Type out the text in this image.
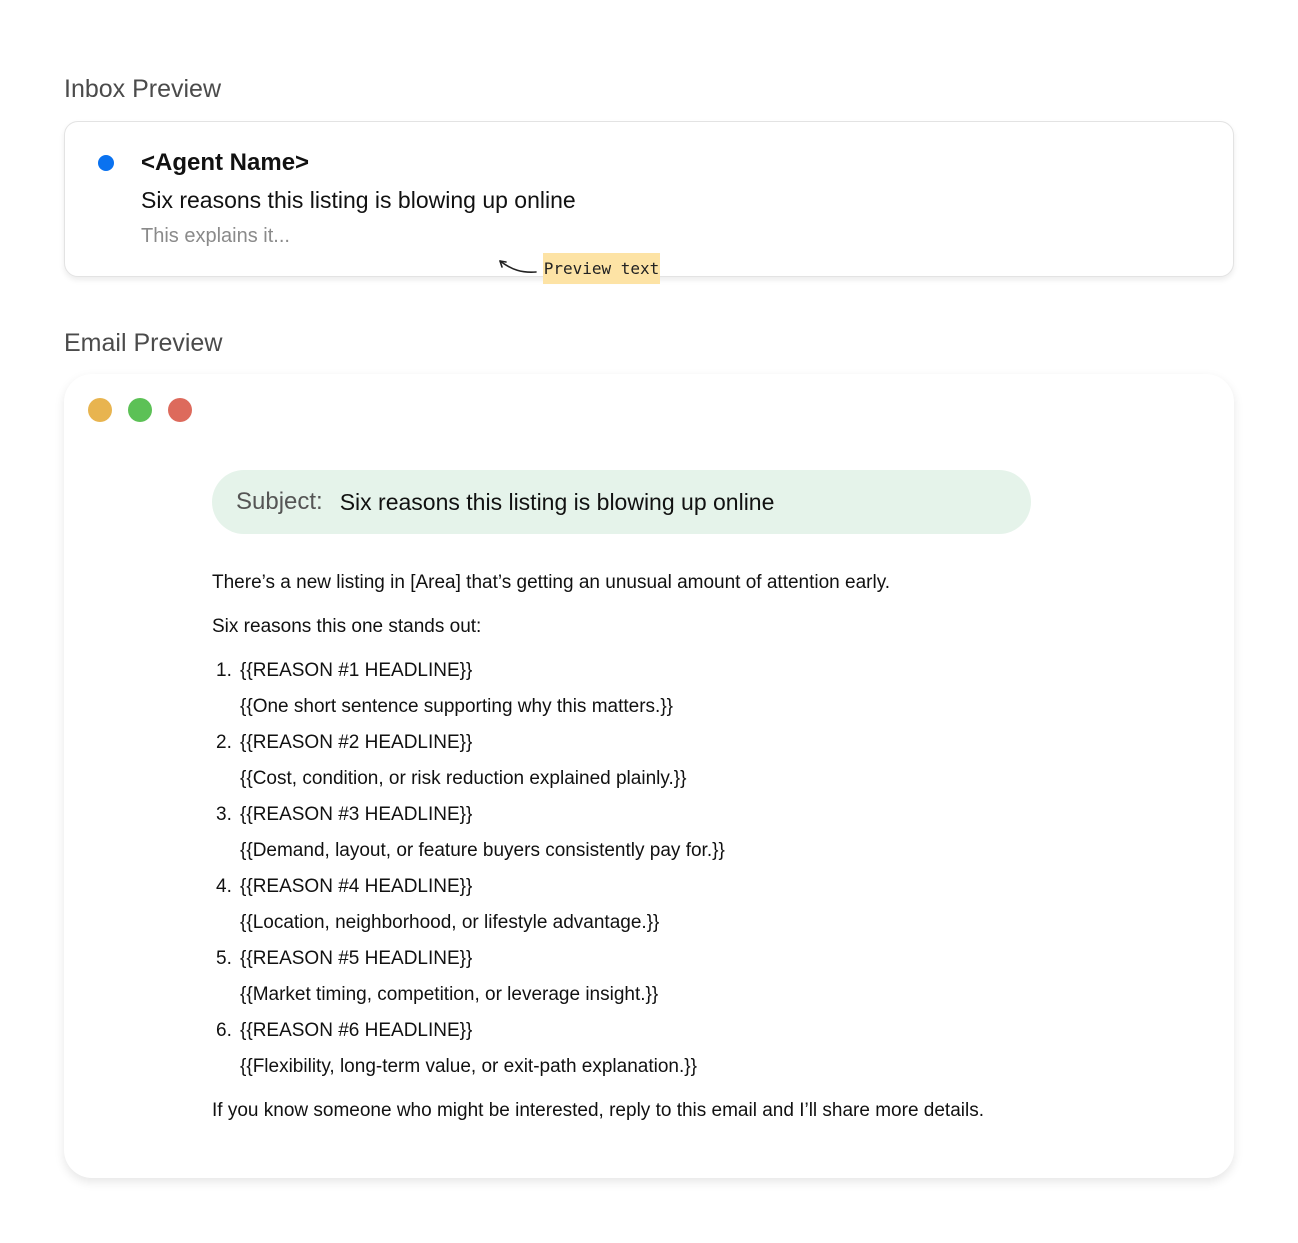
Inbox Preview
<Agent Name>
Six reasons this listing is blowing up online
This explains it...
Preview text
Email Preview
Subject: Six reasons this listing is blowing up online

There’s a new listing in [Area] that’s getting an unusual amount of attention early.

Six reasons this one stands out:

1. {{REASON #1 HEADLINE}}
{{One short sentence supporting why this matters.}}
2. {{REASON #2 HEADLINE}}
{{Cost, condition, or risk reduction explained plainly.}}
3. {{REASON #3 HEADLINE}}
{{Demand, layout, or feature buyers consistently pay for.}}
4. {{REASON #4 HEADLINE}}
{{Location, neighborhood, or lifestyle advantage.}}
5. {{REASON #5 HEADLINE}}
{{Market timing, competition, or leverage insight.}}
6. {{REASON #6 HEADLINE}}
{{Flexibility, long-term value, or exit-path explanation.}}

If you know someone who might be interested, reply to this email and I’ll share more details.
